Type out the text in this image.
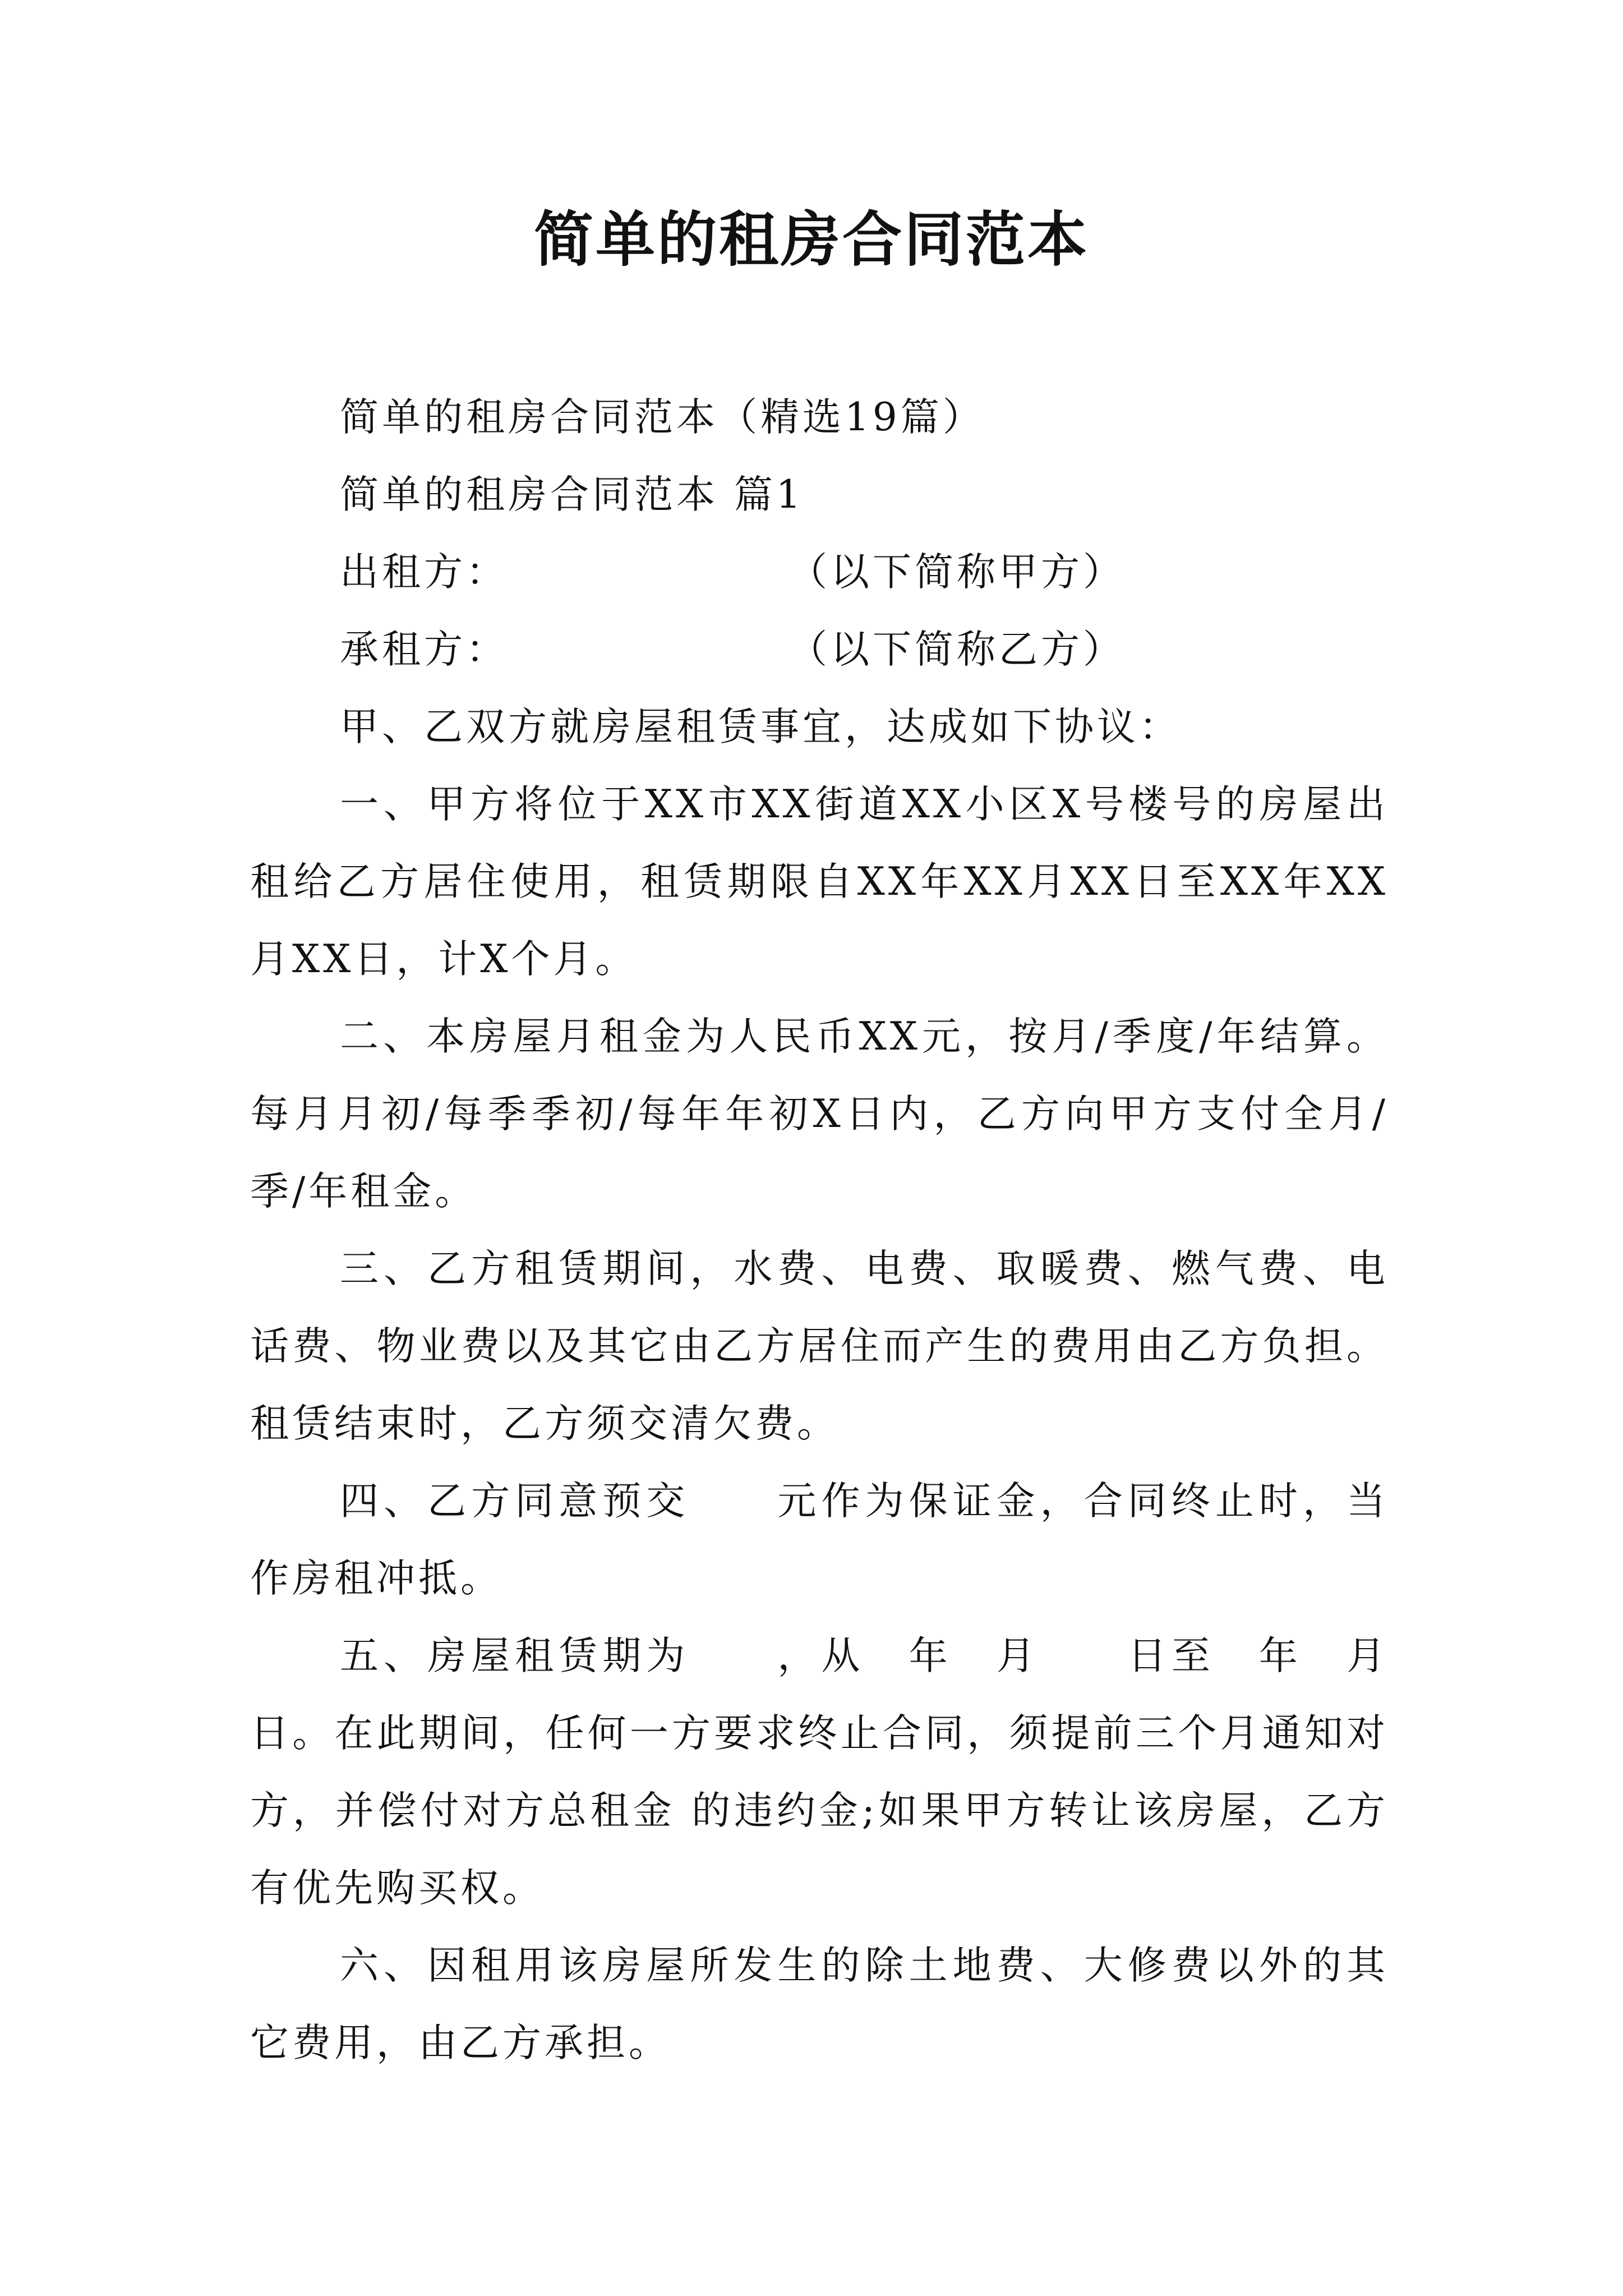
简单的租房合同范本

简单的租房合同范本（精选19篇）

简单的租房合同范本 篇1

出租方：	（以下简称甲方）

承租方：	（以下简称乙方）

甲、乙双方就房屋租赁事宜，达成如下协议：

一、甲方将位于XX市XX街道XX小区X号楼号的房屋出租给乙方居住使用，租赁期限自XX年XX月XX日至XX年XX月XX日，计X个月。

二、本房屋月租金为人民币XX元，按月/季度/年结算。每月月初/每季季初/每年年初X日内，乙方向甲方支付全月/季/年租金。

三、乙方租赁期间，水费、电费、取暖费、燃气费、电话费、物业费以及其它由乙方居住而产生的费用由乙方负担。租赁结束时，乙方须交清欠费。

四、乙方同意预交　　元作为保证金，合同终止时，当作房租冲抵。

五、房屋租赁期为　　，从　年　月　　日至　年　月　日。在此期间，任何一方要求终止合同，须提前三个月通知对方，并偿付对方总租金 的违约金;如果甲方转让该房屋，乙方有优先购买权。

六、因租用该房屋所发生的除土地费、大修费以外的其它费用，由乙方承担。
